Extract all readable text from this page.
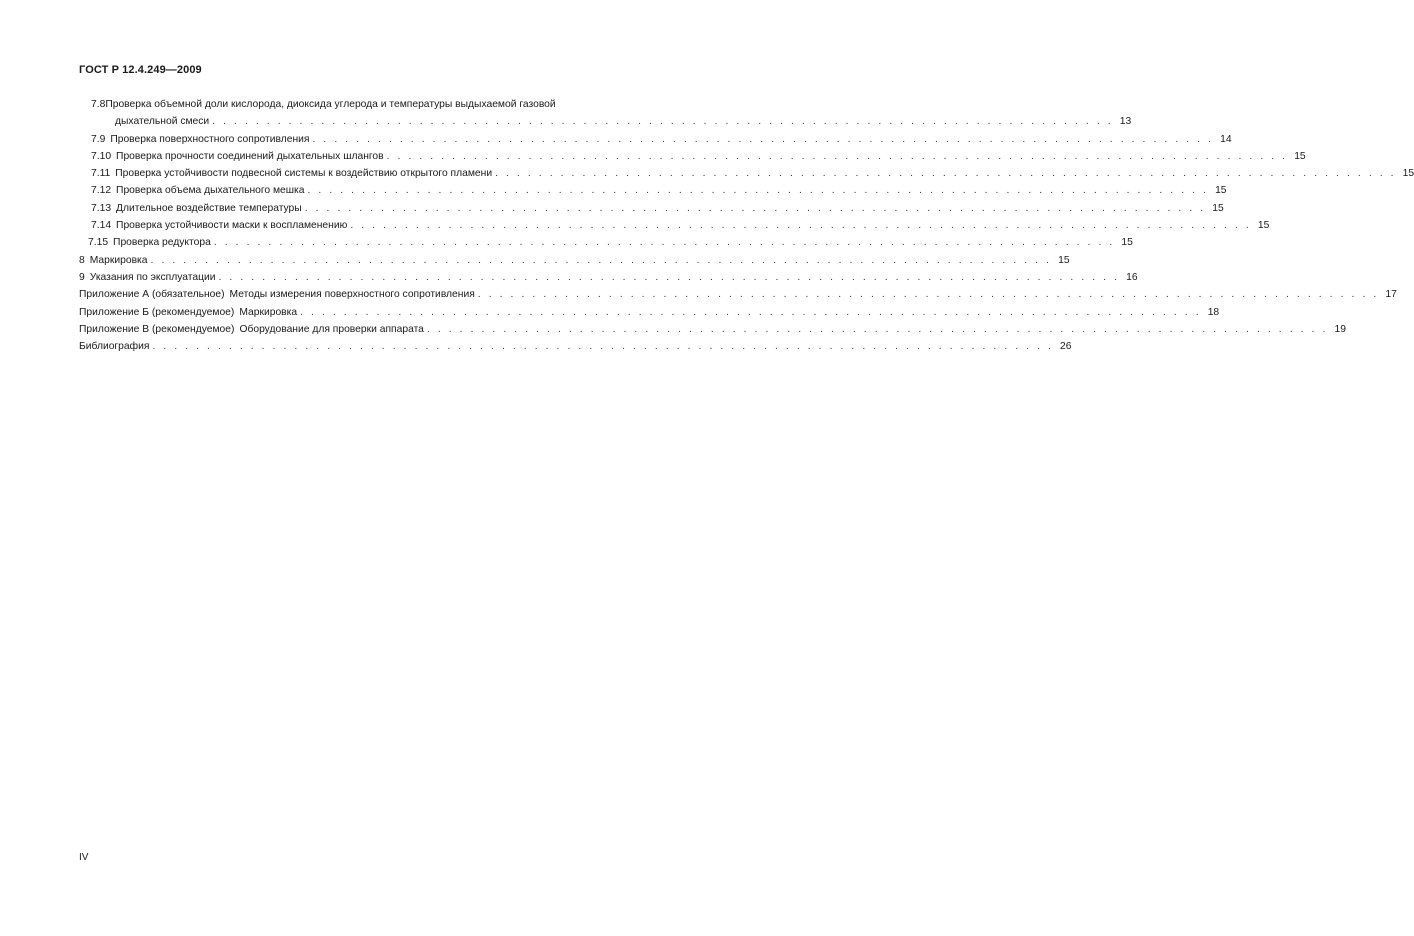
ГОСТ Р 12.4.249—2009
7.8Проверка объемной доли кислорода, диоксида углерода и температуры выдыхаемой газовой
дыхательной смеси . . . . . . . . . . . . . . . . . . . . . . . . . . . . . . . . . . . . . . . . . . . . . . . . . . . . . . . . . . . . . . . . . . . . . . . . . . . . . . . . . . . 13
7.9 Проверка поверхностного сопротивления . . . . . . . . . . . . . . . . . . . . . . . . . . . . . . . . . . . . . . . . . . . . . . . . . . . . . . . . . . . . . . . . . . . . . . . . . . . . . . . . . . . 14
7.10 Проверка прочности соединений дыхательных шлангов . . . . . . . . . . . . . . . . . . . . . . . . . . . . . . . . . . . . . . . . . . . . . . . . . . . . . . . . . . . . . . . . . . . . . . . . . . . . . . . . . . . 15
7.11 Проверка устойчивости подвесной системы к воздействию открытого пламени . . . . . . . . . . . . . . . . . . . . . . . . . . . . . . . . . . . . . . . . . . . . . . . . . . . . . . . . . . . . . . . . . . . . . . . . . . . . . . . . . . . 15
7.12 Проверка объема дыхательного мешка . . . . . . . . . . . . . . . . . . . . . . . . . . . . . . . . . . . . . . . . . . . . . . . . . . . . . . . . . . . . . . . . . . . . . . . . . . . . . . . . . . . 15
7.13 Длительное воздействие температуры . . . . . . . . . . . . . . . . . . . . . . . . . . . . . . . . . . . . . . . . . . . . . . . . . . . . . . . . . . . . . . . . . . . . . . . . . . . . . . . . . . . 15
7.14 Проверка устойчивости маски к воспламенению . . . . . . . . . . . . . . . . . . . . . . . . . . . . . . . . . . . . . . . . . . . . . . . . . . . . . . . . . . . . . . . . . . . . . . . . . . . . . . . . . . . 15
7.15 Проверка редуктора . . . . . . . . . . . . . . . . . . . . . . . . . . . . . . . . . . . . . . . . . . . . . . . . . . . . . . . . . . . . . . . . . . . . . . . . . . . . . . . . . . . 15
8 Маркировка . . . . . . . . . . . . . . . . . . . . . . . . . . . . . . . . . . . . . . . . . . . . . . . . . . . . . . . . . . . . . . . . . . . . . . . . . . . . . . . . . . . 15
9 Указания по эксплуатации . . . . . . . . . . . . . . . . . . . . . . . . . . . . . . . . . . . . . . . . . . . . . . . . . . . . . . . . . . . . . . . . . . . . . . . . . . . . . . . . . . . 16
Приложение А (обязательное) Методы измерения поверхностного сопротивления . . . . . . . . . . . . . . . . . . . . . . . . . . . . . . . . . . . . . . . . . . . . . . . . . . . . . . . . . . . . . . . . . . . . . . . . . . . . . . . . . . . 17
Приложение Б (рекомендуемое) Маркировка . . . . . . . . . . . . . . . . . . . . . . . . . . . . . . . . . . . . . . . . . . . . . . . . . . . . . . . . . . . . . . . . . . . . . . . . . . . . . . . . . . . 18
Приложение В (рекомендуемое) Оборудование для проверки аппарата . . . . . . . . . . . . . . . . . . . . . . . . . . . . . . . . . . . . . . . . . . . . . . . . . . . . . . . . . . . . . . . . . . . . . . . . . . . . . . . . . . . 19
Библиография . . . . . . . . . . . . . . . . . . . . . . . . . . . . . . . . . . . . . . . . . . . . . . . . . . . . . . . . . . . . . . . . . . . . . . . . . . . . . . . . . . . 26
IV
